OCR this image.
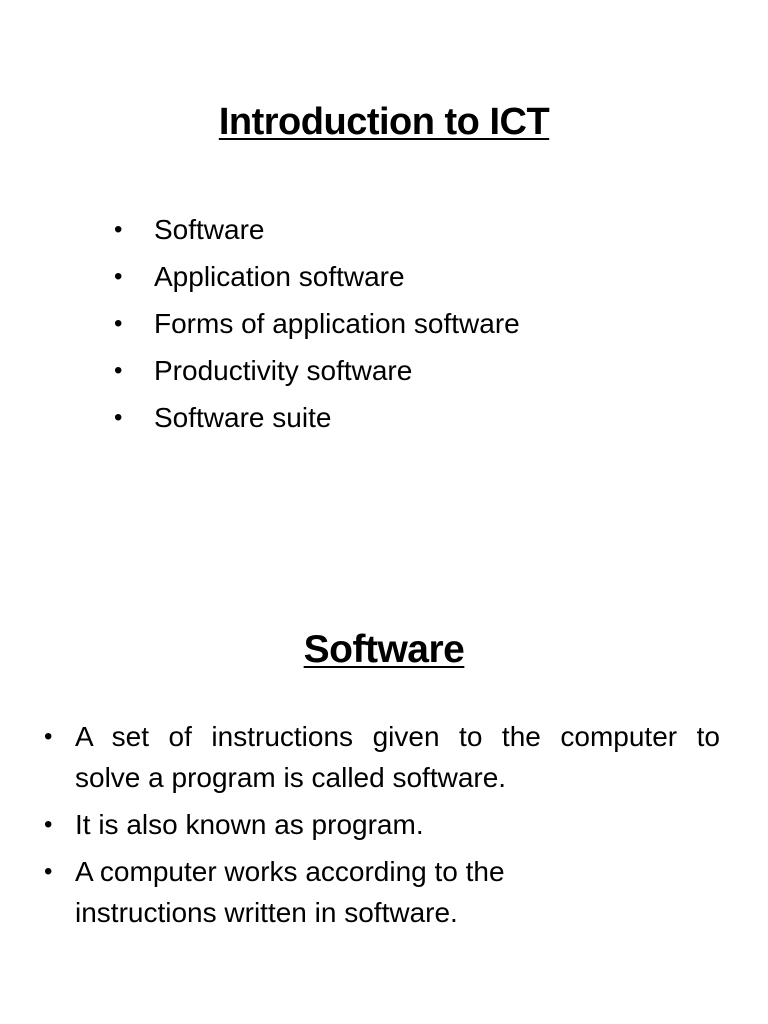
Introduction to ICT
• Software
• Application software
• Forms of application software
• Productivity software
• Software suite
Software
• A set of instructions given to the computer to
solve a program is called software.
• It is also known as program.
• A computer works according to the
instructions written in software.
